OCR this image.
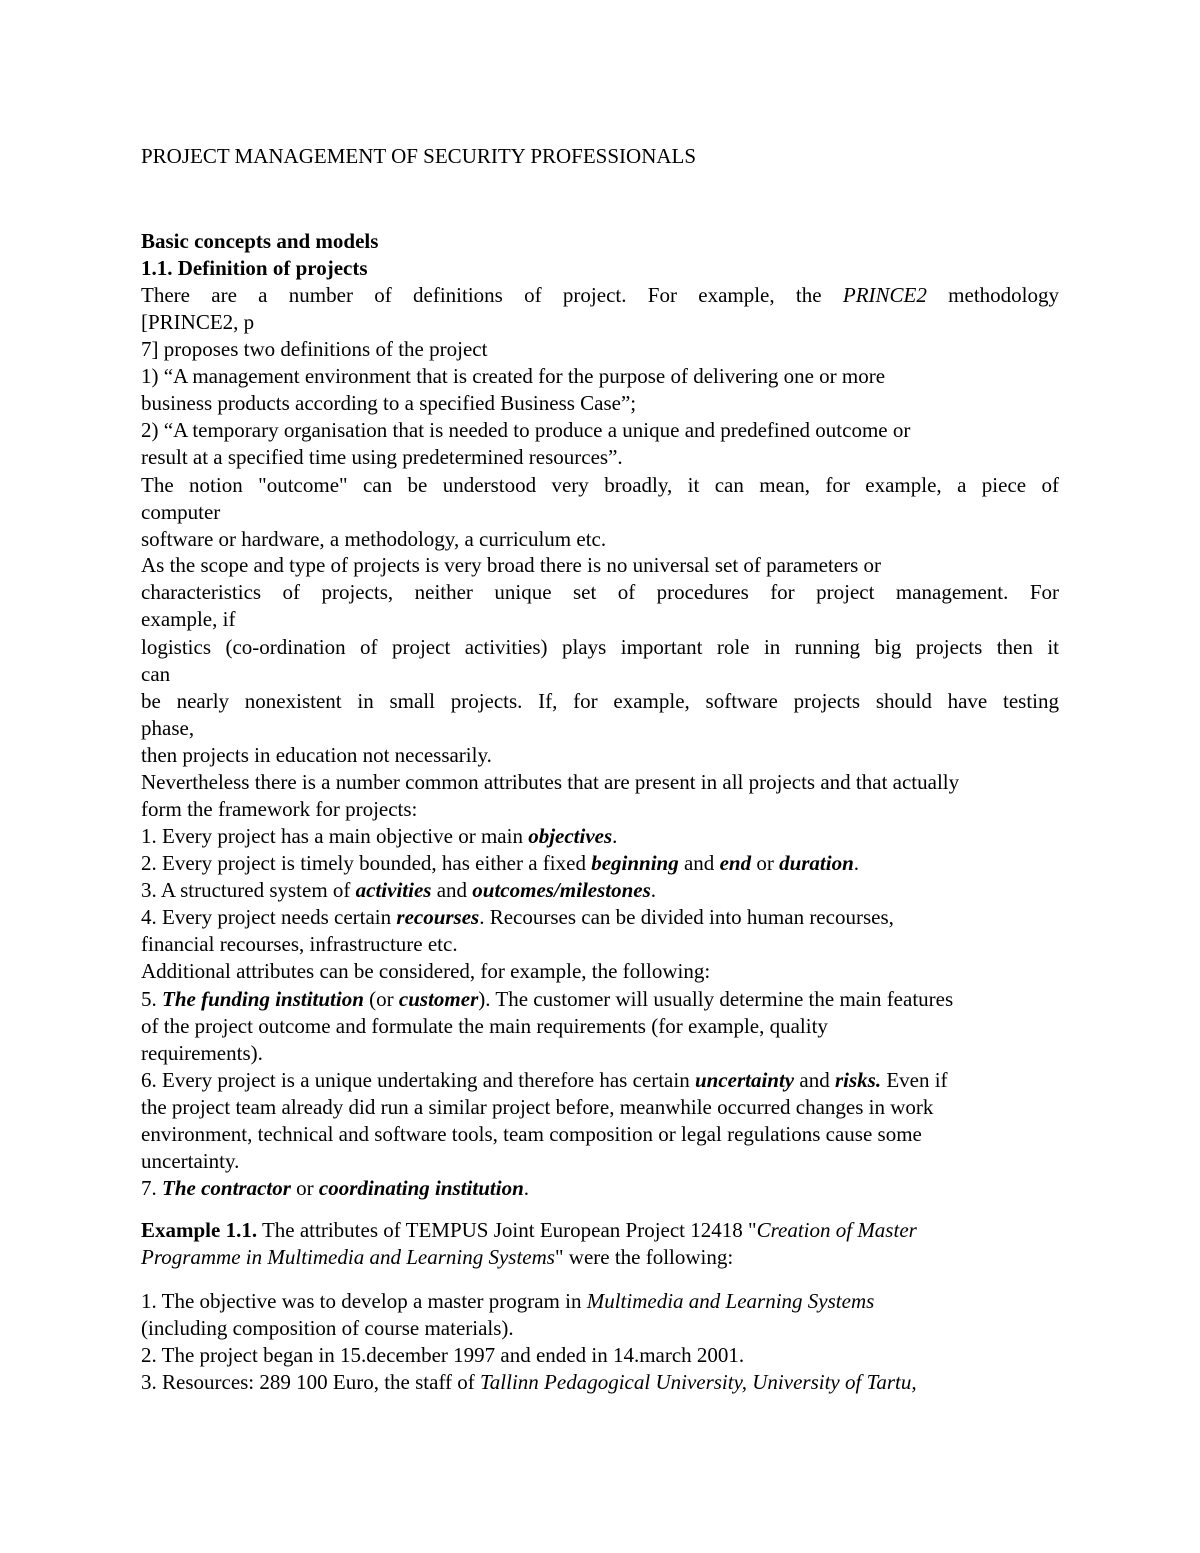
PROJECT MANAGEMENT OF SECURITY PROFESSIONALS
Basic concepts and models
1.1. Definition of projects
There are a number of definitions of project. For example, the PRINCE2 methodology
[PRINCE2, p
7] proposes two definitions of the project
1) “A management environment that is created for the purpose of delivering one or more
business products according to a specified Business Case”;
2) “A temporary organisation that is needed to produce a unique and predefined outcome or
result at a specified time using predetermined resources”.
The notion "outcome" can be understood very broadly, it can mean, for example, a piece of
computer
software or hardware, a methodology, a curriculum etc.
As the scope and type of projects is very broad there is no universal set of parameters or
characteristics of projects, neither unique set of procedures for project management. For
example, if
logistics (co-ordination of project activities) plays important role in running big projects then it
can
be nearly nonexistent in small projects. If, for example, software projects should have testing
phase,
then projects in education not necessarily.
Nevertheless there is a number common attributes that are present in all projects and that actually
form the framework for projects:
1. Every project has a main objective or main objectives.
2. Every project is timely bounded, has either a fixed beginning and end or duration.
3. A structured system of activities and outcomes/milestones.
4. Every project needs certain recourses. Recourses can be divided into human recourses,
financial recourses, infrastructure etc.
Additional attributes can be considered, for example, the following:
5. The funding institution (or customer). The customer will usually determine the main features
of the project outcome and formulate the main requirements (for example, quality
requirements).
6. Every project is a unique undertaking and therefore has certain uncertainty and risks. Even if
the project team already did run a similar project before, meanwhile occurred changes in work
environment, technical and software tools, team composition or legal regulations cause some
uncertainty.
7. The contractor or coordinating institution.
Example 1.1. The attributes of TEMPUS Joint European Project 12418 "Creation of Master
Programme in Multimedia and Learning Systems" were the following:
1. The objective was to develop a master program in Multimedia and Learning Systems
(including composition of course materials).
2. The project began in 15.december 1997 and ended in 14.march 2001.
3. Resources: 289 100 Euro, the staff of Tallinn Pedagogical University, University of Tartu,
